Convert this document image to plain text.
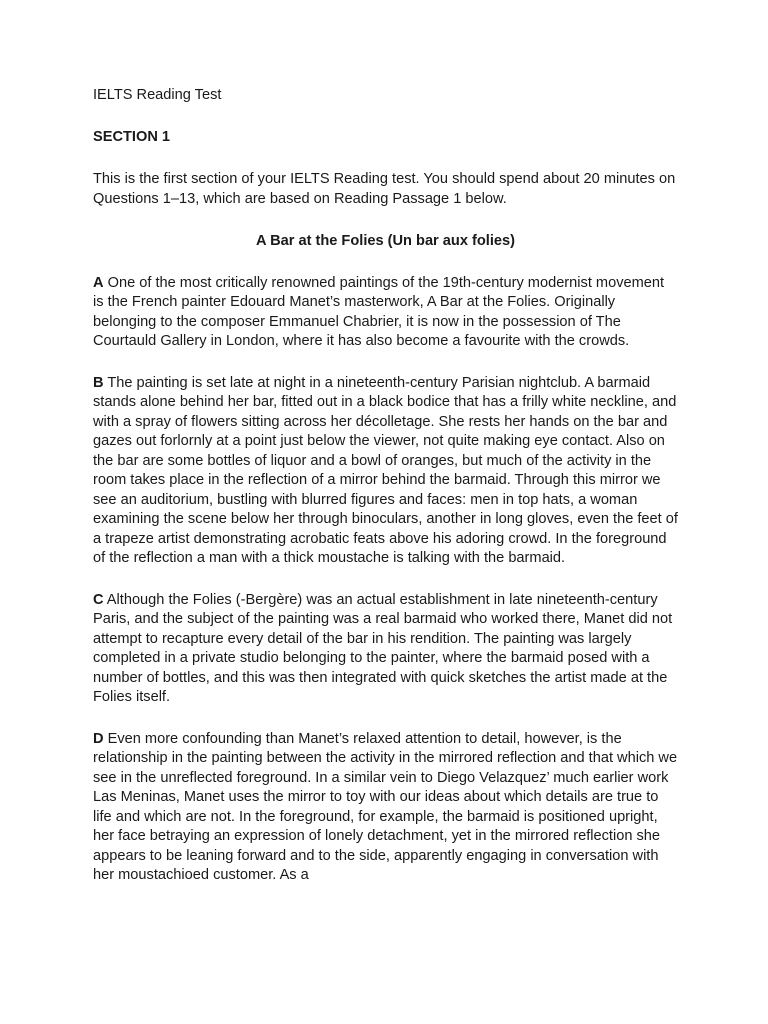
IELTS Reading Test

SECTION 1

This is the first section of your IELTS Reading test. You should spend about 20 minutes on Questions 1–13, which are based on Reading Passage 1 below.

A Bar at the Folies (Un bar aux folies)

A One of the most critically renowned paintings of the 19th-century modernist movement is the French painter Edouard Manet’s masterwork, A Bar at the Folies. Originally belonging to the composer Emmanuel Chabrier, it is now in the possession of The Courtauld Gallery in London, where it has also become a favourite with the crowds.

B The painting is set late at night in a nineteenth-century Parisian nightclub. A barmaid stands alone behind her bar, fitted out in a black bodice that has a frilly white neckline, and with a spray of flowers sitting across her décolletage. She rests her hands on the bar and gazes out forlornly at a point just below the viewer, not quite making eye contact. Also on the bar are some bottles of liquor and a bowl of oranges, but much of the activity in the room takes place in the reflection of a mirror behind the barmaid. Through this mirror we see an auditorium, bustling with blurred figures and faces: men in top hats, a woman examining the scene below her through binoculars, another in long gloves, even the feet of a trapeze artist demonstrating acrobatic feats above his adoring crowd. In the foreground of the reflection a man with a thick moustache is talking with the barmaid.

C Although the Folies (-Bergère) was an actual establishment in late nineteenth-century Paris, and the subject of the painting was a real barmaid who worked there, Manet did not attempt to recapture every detail of the bar in his rendition. The painting was largely completed in a private studio belonging to the painter, where the barmaid posed with a number of bottles, and this was then integrated with quick sketches the artist made at the Folies itself.

D Even more confounding than Manet’s relaxed attention to detail, however, is the relationship in the painting between the activity in the mirrored reflection and that which we see in the unreflected foreground. In a similar vein to Diego Velazquez’ much earlier work Las Meninas, Manet uses the mirror to toy with our ideas about which details are true to life and which are not. In the foreground, for example, the barmaid is positioned upright, her face betraying an expression of lonely detachment, yet in the mirrored reflection she appears to be leaning forward and to the side, apparently engaging in conversation with her moustachioed customer. As a
